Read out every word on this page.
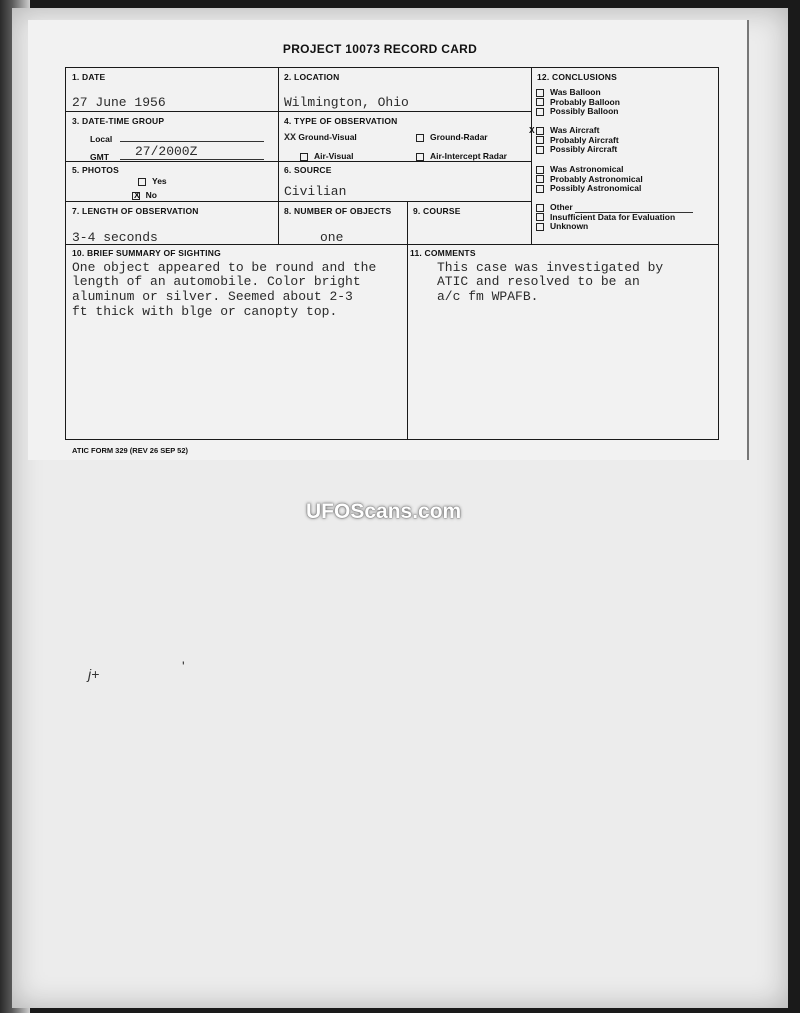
PROJECT 10073 RECORD CARD
1. DATE
27 June 1956
2. LOCATION
Wilmington, Ohio
3. DATE-TIME GROUP
Local
GMT 27/2000Z
4. TYPE OF OBSERVATION
XX Ground-Visual	Ground-Radar
Air-Visual	Air-Intercept Radar
5. PHOTOS
Yes
X No
6. SOURCE
Civilian
7. LENGTH OF OBSERVATION
3-4 seconds
8. NUMBER OF OBJECTS
one
9. COURSE
10. BRIEF SUMMARY OF SIGHTING
One object appeared to be round and the
length of an automobile. Color bright
aluminum or silver. Seemed about 2-3
ft thick with blge or canopty top.
11. COMMENTS
This case was investigated by
ATIC and resolved to be an
a/c fm WPAFB.
12. CONCLUSIONS
Was Balloon
Probably Balloon
Possibly Balloon
X	Was Aircraft
Probably Aircraft
Possibly Aircraft
Was Astronomical
Probably Astronomical
Possibly Astronomical
Other
Insufficient Data for Evaluation
Unknown
ATIC FORM 329 (REV 26 SEP 52)
UFOScans.com
j+	'
